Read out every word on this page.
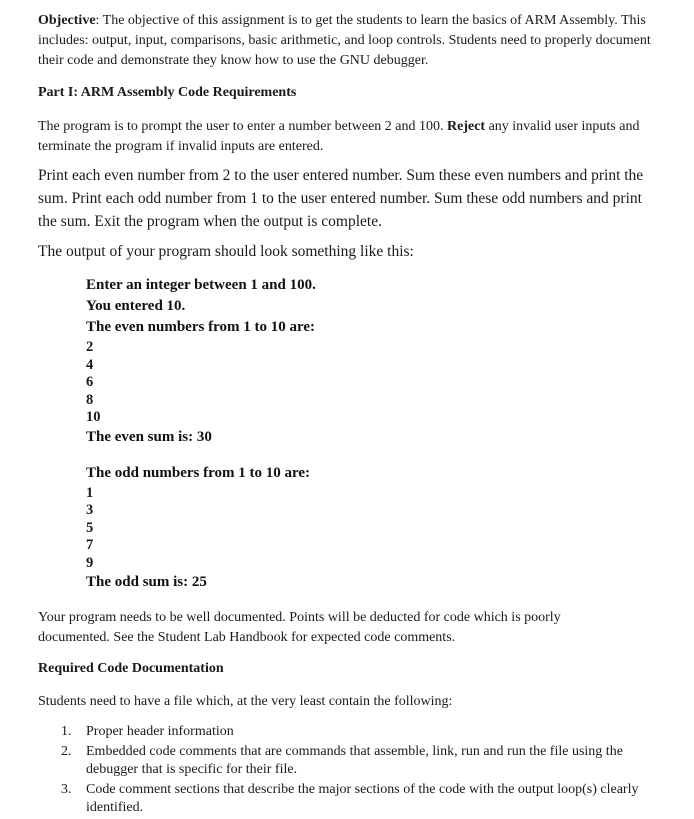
Objective: The objective of this assignment is to get the students to learn the basics of ARM Assembly. This includes: output, input, comparisons, basic arithmetic, and loop controls. Students need to properly document their code and demonstrate they know how to use the GNU debugger.

Part I: ARM Assembly Code Requirements

The program is to prompt the user to enter a number between 2 and 100. Reject any invalid user inputs and terminate the program if invalid inputs are entered.

Print each even number from 2 to the user entered number. Sum these even numbers and print the sum. Print each odd number from 1 to the user entered number. Sum these odd numbers and print the sum. Exit the program when the output is complete.

The output of your program should look something like this:

Enter an integer between 1 and 100.

You entered 10.

The even numbers from 1 to 10 are:

2

4

6

8

10

The even sum is: 30

The odd numbers from 1 to 10 are:

1

3

5

7

9

The odd sum is: 25

Your program needs to be well documented. Points will be deducted for code which is poorly documented. See the Student Lab Handbook for expected code comments.

Required Code Documentation

Students need to have a file which, at the very least contain the following:

1. Proper header information
2. Embedded code comments that are commands that assemble, link, run and run the file using the debugger that is specific for their file.
3. Code comment sections that describe the major sections of the code with the output loop(s) clearly identified.
